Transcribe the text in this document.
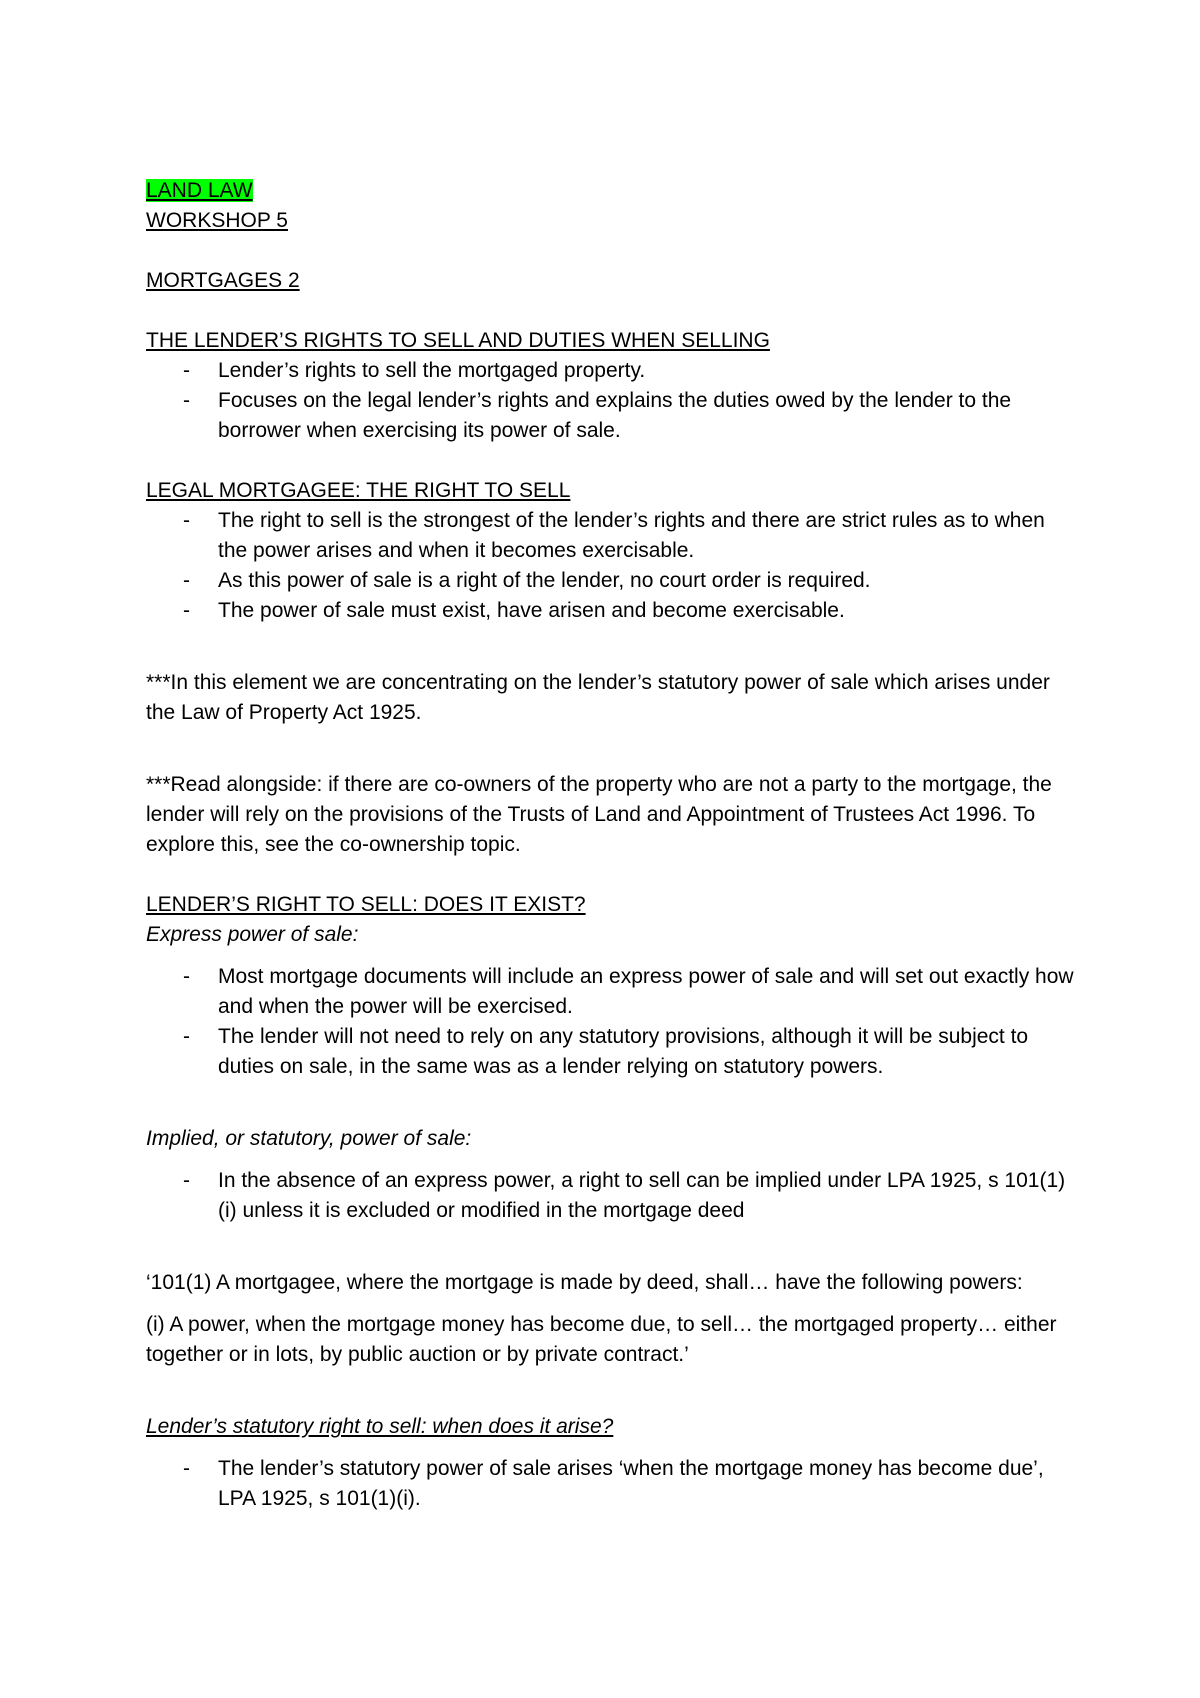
LAND LAW

WORKSHOP 5

MORTGAGES 2

THE LENDER’S RIGHTS TO SELL AND DUTIES WHEN SELLING

- Lender’s rights to sell the mortgaged property.
- Focuses on the legal lender’s rights and explains the duties owed by the lender to the borrower when exercising its power of sale.

LEGAL MORTGAGEE: THE RIGHT TO SELL

- The right to sell is the strongest of the lender’s rights and there are strict rules as to when the power arises and when it becomes exercisable.
- As this power of sale is a right of the lender, no court order is required.
- The power of sale must exist, have arisen and become exercisable.

***In this element we are concentrating on the lender’s statutory power of sale which arises under the Law of Property Act 1925.

***Read alongside: if there are co-owners of the property who are not a party to the mortgage, the lender will rely on the provisions of the Trusts of Land and Appointment of Trustees Act 1996. To explore this, see the co-ownership topic.

LENDER’S RIGHT TO SELL: DOES IT EXIST?

Express power of sale:

- Most mortgage documents will include an express power of sale and will set out exactly how and when the power will be exercised.
- The lender will not need to rely on any statutory provisions, although it will be subject to duties on sale, in the same was as a lender relying on statutory powers.

Implied, or statutory, power of sale:

- In the absence of an express power, a right to sell can be implied under LPA 1925, s 101(1)(i) unless it is excluded or modified in the mortgage deed

‘101(1) A mortgagee, where the mortgage is made by deed, shall… have the following powers:

(i) A power, when the mortgage money has become due, to sell… the mortgaged property… either together or in lots, by public auction or by private contract.’

Lender’s statutory right to sell: when does it arise?

- The lender’s statutory power of sale arises ‘when the mortgage money has become due’, LPA 1925, s 101(1)(i).
